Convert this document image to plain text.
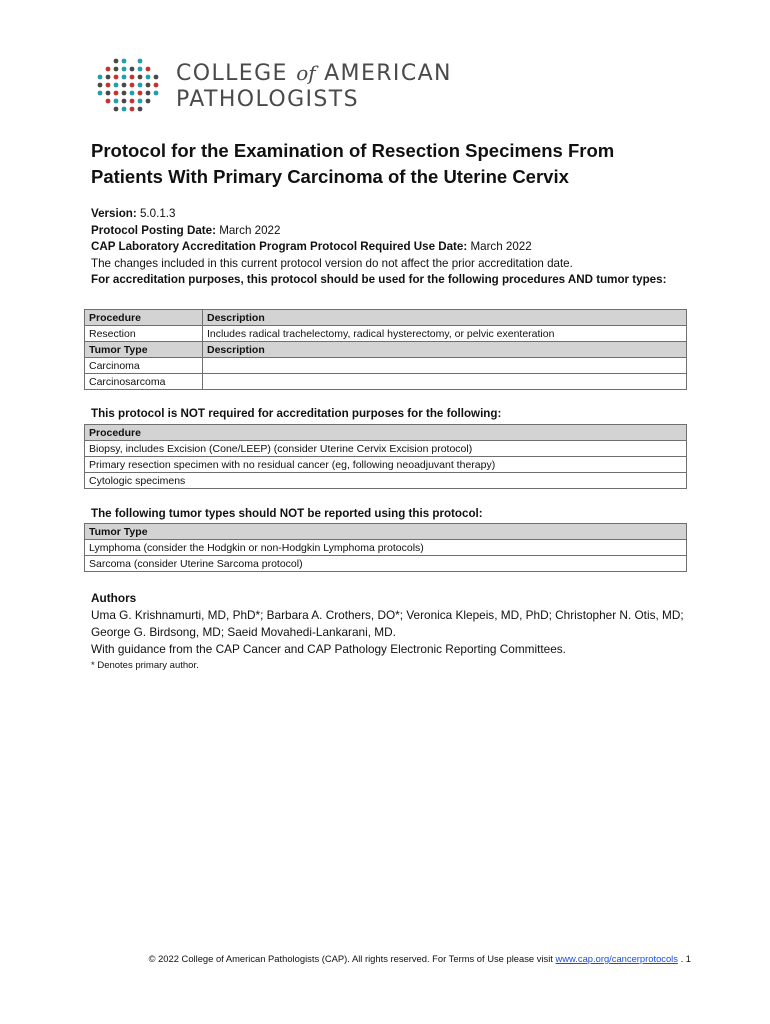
COLLEGE of AMERICAN
PATHOLOGISTS
Protocol for the Examination of Resection Specimens From Patients With Primary Carcinoma of the Uterine Cervix
Version: 5.0.1.3
Protocol Posting Date: March 2022
CAP Laboratory Accreditation Program Protocol Required Use Date: March 2022
The changes included in this current protocol version do not affect the prior accreditation date.
For accreditation purposes, this protocol should be used for the following procedures AND tumor types:
Procedure	Description
Resection	Includes radical trachelectomy, radical hysterectomy, or pelvic exenteration
Tumor Type	Description
Carcinoma	
Carcinosarcoma	
This protocol is NOT required for accreditation purposes for the following:
Procedure
Biopsy, includes Excision (Cone/LEEP) (consider Uterine Cervix Excision protocol)
Primary resection specimen with no residual cancer (eg, following neoadjuvant therapy)
Cytologic specimens
The following tumor types should NOT be reported using this protocol:
Tumor Type
Lymphoma (consider the Hodgkin or non-Hodgkin Lymphoma protocols)
Sarcoma (consider Uterine Sarcoma protocol)
Authors
Uma G. Krishnamurti, MD, PhD*; Barbara A. Crothers, DO*; Veronica Klepeis, MD, PhD; Christopher N. Otis, MD; George G. Birdsong, MD; Saeid Movahedi-Lankarani, MD.
With guidance from the CAP Cancer and CAP Pathology Electronic Reporting Committees.
* Denotes primary author.
© 2022 College of American Pathologists (CAP). All rights reserved. For Terms of Use please visit www.cap.org/cancerprotocols . 1
